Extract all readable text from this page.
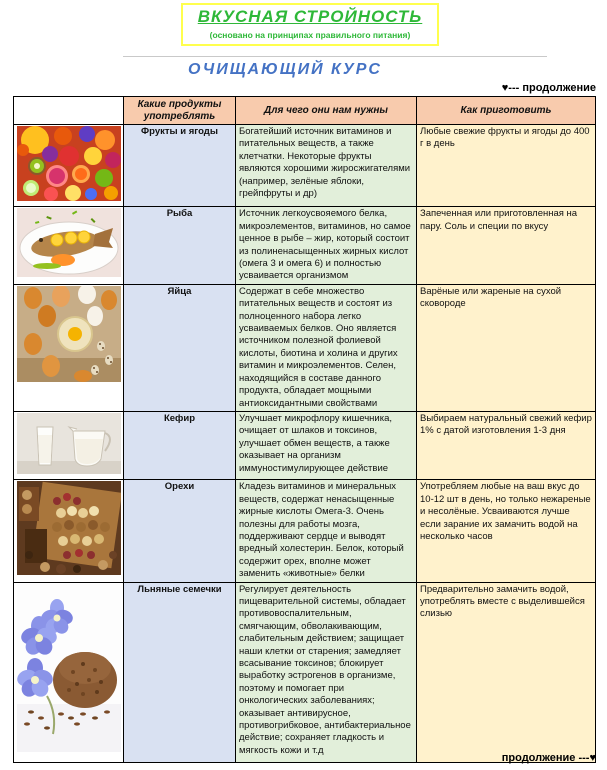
ВКУСНАЯ СТРОЙНОСТЬ
(основано на принципах правильного питания)
ОЧИЩАЮЩИЙ КУРС
♥--- продолжение
	Какие продукты употреблять	Для чего они нам нужны	Как приготовить

	Фрукты и ягоды	Богатейший источник витаминов и питательных веществ, а также клетчатки. Некоторые фрукты являются хорошими жиросжигателями (например, зелёные яблоки, грейпфруты и др)	Любые свежие фрукты и ягоды до 400 г в день

	Рыба	Источник легкоусвояемого белка, микроэлементов, витаминов, но самое ценное в рыбе – жир, который состоит из полиненасыщенных жирных кислот (омега 3 и омега 6) и полностью усваивается организмом	Запеченная или приготовленная на пару. Соль и специи по вкусу

	Яйца	Содержат в себе множество питательных веществ и состоят из полноценного набора легко усваиваемых белков. Оно является источником полезной фолиевой кислоты, биотина и холина и других витамин и микроэлементов. Селен, находящийся в составе данного продукта, обладает мощными антиоксидантными свойствами	Варёные или жареные на сухой сковороде

	Кефир	Улучшает микрофлору кишечника, очищает от шлаков и токсинов, улучшает обмен веществ, а также оказывает на организм иммуностимулирующее действие	Выбираем натуральный свежий кефир 1% с датой изготовления 1-3 дня

	Орехи	Кладезь витаминов и минеральных веществ, содержат ненасыщенные жирные кислоты Омега-3. Очень полезны для работы мозга, поддерживают сердце и выводят вредный холестерин. Белок, который содержит орех, вполне может заменить «животные» белки	Употребляем любые на ваш вкус до 10-12 шт в день, но только нежареные и несолёные. Усваиваются лучше если зарание их замачить водой на несколько часов

	Льняные семечки	Регулирует деятельность пищеварительной системы, обладает противовоспалительным, смягчающим, обволакивающим, слабительным действием; защищает наши клетки от старения; замедляет всасывание токсинов; блокирует выработку эстрогенов в организме, поэтому и помогает при онкологических заболеваниях; оказывает антивирусное, противогрибковое, антибактериальное действие; сохраняет гладкость и мягкость кожи и т.д	Предварительно замачить водой, употреблять вместе с выделившейся слизью
продолжение ---♥
